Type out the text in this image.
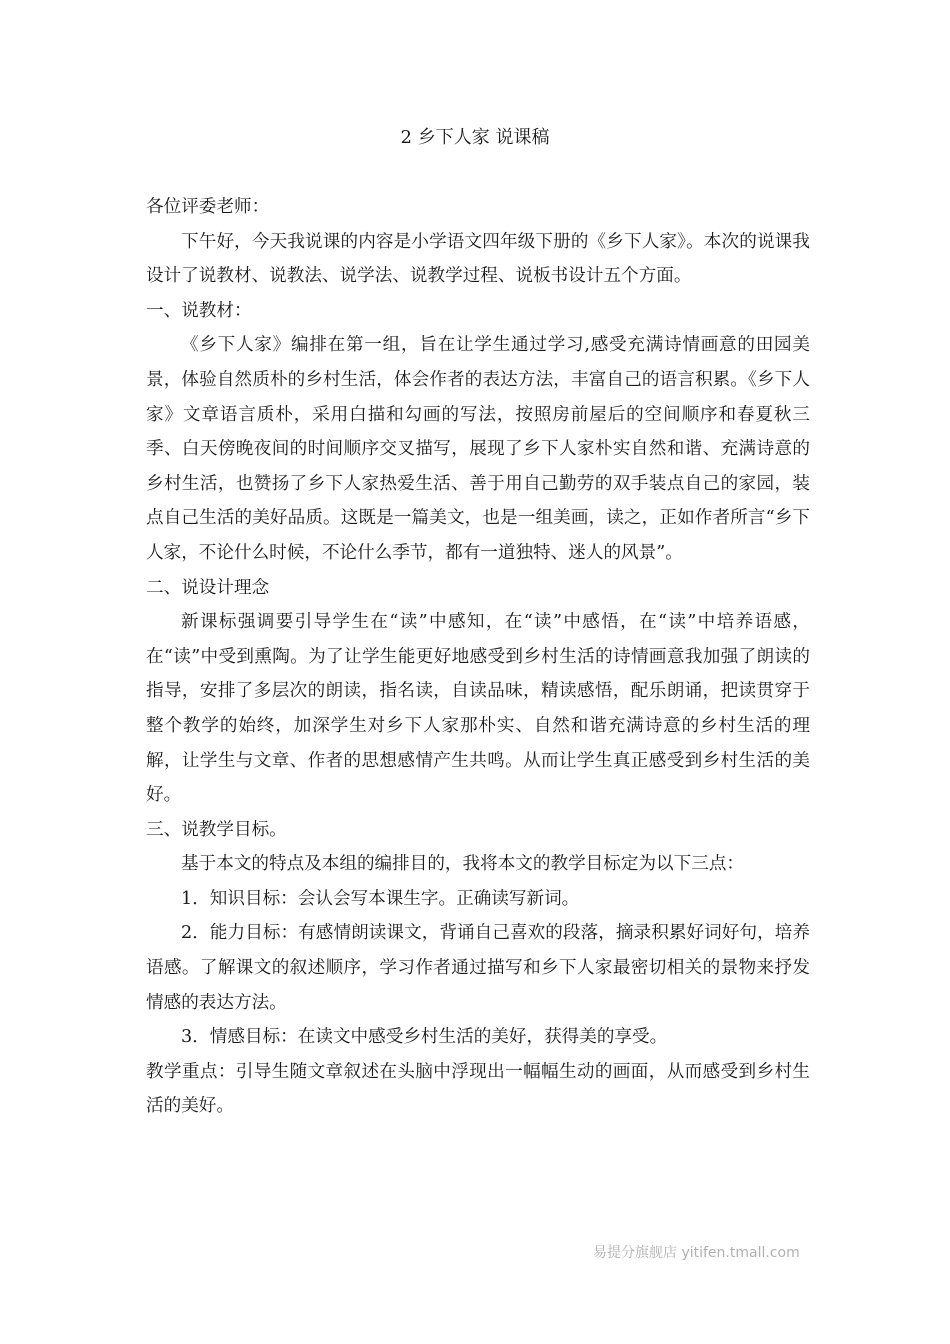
2 乡下人家 说课稿

各位评委老师：

下午好，今天我说课的内容是小学语文四年级下册的《乡下人家》。本次的说课我设计了说教材、说教法、说学法、说教学过程、说板书设计五个方面。

一、说教材：

《乡下人家》编排在第一组，旨在让学生通过学习,感受充满诗情画意的田园美景，体验自然质朴的乡村生活，体会作者的表达方法，丰富自己的语言积累。《乡下人家》文章语言质朴，采用白描和勾画的写法，按照房前屋后的空间顺序和春夏秋三季、白天傍晚夜间的时间顺序交叉描写，展现了乡下人家朴实自然和谐、充满诗意的乡村生活，也赞扬了乡下人家热爱生活、善于用自己勤劳的双手装点自己的家园，装点自己生活的美好品质。这既是一篇美文，也是一组美画，读之，正如作者所言“乡下人家，不论什么时候，不论什么季节，都有一道独特、迷人的风景”。

二、说设计理念

新课标强调要引导学生在“读”中感知，在“读”中感悟，在“读”中培养语感，在“读”中受到熏陶。为了让学生能更好地感受到乡村生活的诗情画意我加强了朗读的指导，安排了多层次的朗读，指名读，自读品味，精读感悟，配乐朗诵，把读贯穿于整个教学的始终，加深学生对乡下人家那朴实、自然和谐充满诗意的乡村生活的理解，让学生与文章、作者的思想感情产生共鸣。从而让学生真正感受到乡村生活的美好。

三、说教学目标。

基于本文的特点及本组的编排目的，我将本文的教学目标定为以下三点：

1．知识目标：会认会写本课生字。正确读写新词。

2．能力目标：有感情朗读课文，背诵自己喜欢的段落，摘录积累好词好句，培养语感。了解课文的叙述顺序，学习作者通过描写和乡下人家最密切相关的景物来抒发情感的表达方法。

3．情感目标：在读文中感受乡村生活的美好，获得美的享受。

教学重点：引导生随文章叙述在头脑中浮现出一幅幅生动的画面，从而感受到乡村生活的美好。

易提分旗舰店 yitifen.tmall.com
